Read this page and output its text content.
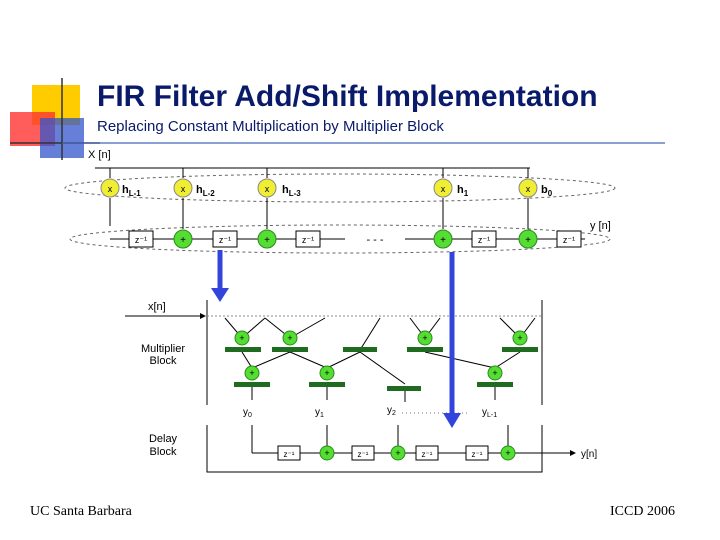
FIR Filter Add/Shift Implementation
Replacing Constant Multiplication by Multiplier Block
X [n]
x $h_{L-1}$	x $h_{L-2}$	x $h_{L-3}$	x $h_1$	x $b_0$
z⁻¹	+	z⁻¹	+	z⁻¹	- - -	+	z⁻¹	+	z⁻¹
y [n]
x[n]
Multiplier
Block
Delay
Block
+	+	+	+
+	+	+
$y_0$	$y_1$	$y_2$	$y_{L-1}$
z⁻¹	+	z⁻¹	+	z⁻¹	z⁻¹	+	y[n]
UC Santa Barbara	ICCD 2006
